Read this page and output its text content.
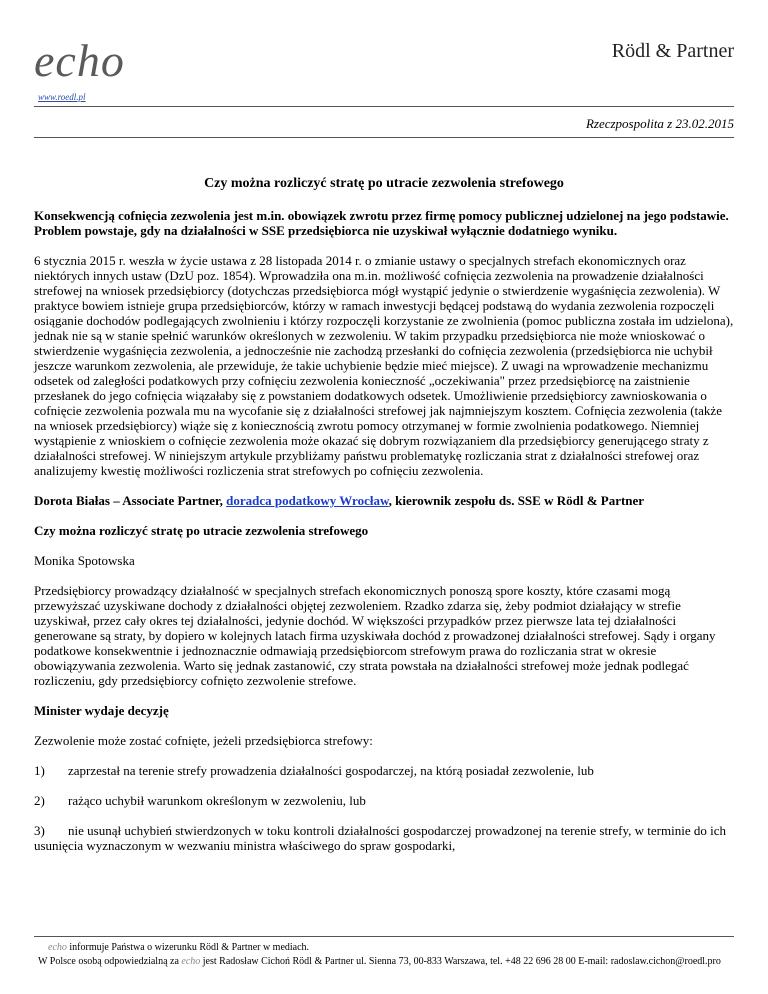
echo
www.roedl.pl
Rödl & Partner
Rzeczpospolita z 23.02.2015
Czy można rozliczyć stratę po utracie zezwolenia strefowego
Konsekwencją cofnięcia zezwolenia jest m.in. obowiązek zwrotu przez firmę pomocy publicznej udzielonej na jego podstawie. Problem powstaje, gdy na działalności w SSE przedsiębiorca nie uzyskiwał wyłącznie dodatniego wyniku.

6 stycznia 2015 r. weszła w życie ustawa z 28 listopada 2014 r. o zmianie ustawy o specjalnych strefach ekonomicznych oraz niektórych innych ustaw (DzU poz. 1854). Wprowadziła ona m.in. możliwość cofnięcia zezwolenia na prowadzenie działalności strefowej na wniosek przedsiębiorcy (dotychczas przedsiębiorca mógł wystąpić jedynie o stwierdzenie wygaśnięcia zezwolenia). W praktyce bowiem istnieje grupa przedsiębiorców, którzy w ramach inwestycji będącej podstawą do wydania zezwolenia rozpoczęli osiąganie dochodów podlegających zwolnieniu i którzy rozpoczęli korzystanie ze zwolnienia (pomoc publiczna została im udzielona), jednak nie są w stanie spełnić warunków określonych w zezwoleniu. W takim przypadku przedsiębiorca nie może wnioskować o stwierdzenie wygaśnięcia zezwolenia, a jednocześnie nie zachodzą przesłanki do cofnięcia zezwolenia (przedsiębiorca nie uchybił jeszcze warunkom zezwolenia, ale przewiduje, że takie uchybienie będzie mieć miejsce). Z uwagi na wprowadzenie mechanizmu odsetek od zaległości podatkowych przy cofnięciu zezwolenia konieczność „oczekiwania" przez przedsiębiorcę na zaistnienie przesłanek do jego cofnięcia wiązałaby się z powstaniem dodatkowych odsetek. Umożliwienie przedsiębiorcy zawnioskowania o cofnięcie zezwolenia pozwala mu na wycofanie się z działalności strefowej jak najmniejszym kosztem. Cofnięcia zezwolenia (także na wniosek przedsiębiorcy) wiąże się z koniecznością zwrotu pomocy otrzymanej w formie zwolnienia podatkowego. Niemniej wystąpienie z wnioskiem o cofnięcie zezwolenia może okazać się dobrym rozwiązaniem dla przedsiębiorcy generującego straty z działalności strefowej. W niniejszym artykule przybliżamy państwu problematykę rozliczania strat z działalności strefowej oraz analizujemy kwestię możliwości rozliczenia strat strefowych po cofnięciu zezwolenia.

Dorota Białas – Associate Partner, doradca podatkowy Wrocław, kierownik zespołu ds. SSE w Rödl & Partner

Czy można rozliczyć stratę po utracie zezwolenia strefowego

Monika Spotowska

Przedsiębiorcy prowadzący działalność w specjalnych strefach ekonomicznych ponoszą spore koszty, które czasami mogą przewyższać uzyskiwane dochody z działalności objętej zezwoleniem. Rzadko zdarza się, żeby podmiot działający w strefie uzyskiwał, przez cały okres tej działalności, jedynie dochód. W większości przypadków przez pierwsze lata tej działalności generowane są straty, by dopiero w kolejnych latach firma uzyskiwała dochód z prowadzonej działalności strefowej. Sądy i organy podatkowe konsekwentnie i jednoznacznie odmawiają przedsiębiorcom strefowym prawa do rozliczania strat w okresie obowiązywania zezwolenia. Warto się jednak zastanowić, czy strata powstała na działalności strefowej może jednak podlegać rozliczeniu, gdy przedsiębiorcy cofnięto zezwolenie strefowe.

Minister wydaje decyzję

Zezwolenie może zostać cofnięte, jeżeli przedsiębiorca strefowy:

1)	zaprzestał na terenie strefy prowadzenia działalności gospodarczej, na którą posiadał zezwolenie, lub
2)	rażąco uchybił warunkom określonym w zezwoleniu, lub
3) nie usunął uchybień stwierdzonych w toku kontroli działalności gospodarczej prowadzonej na terenie strefy, w terminie do ich usunięcia wyznaczonym w wezwaniu ministra właściwego do spraw gospodarki,
echo informuje Państwa o wizerunku Rödl & Partner w mediach.
W Polsce osobą odpowiedzialną za echo jest Radosław Cichoń Rödl & Partner ul. Sienna 73, 00-833 Warszawa, tel. +48 22 696 28 00 E-mail: radoslaw.cichon@roedl.pro
